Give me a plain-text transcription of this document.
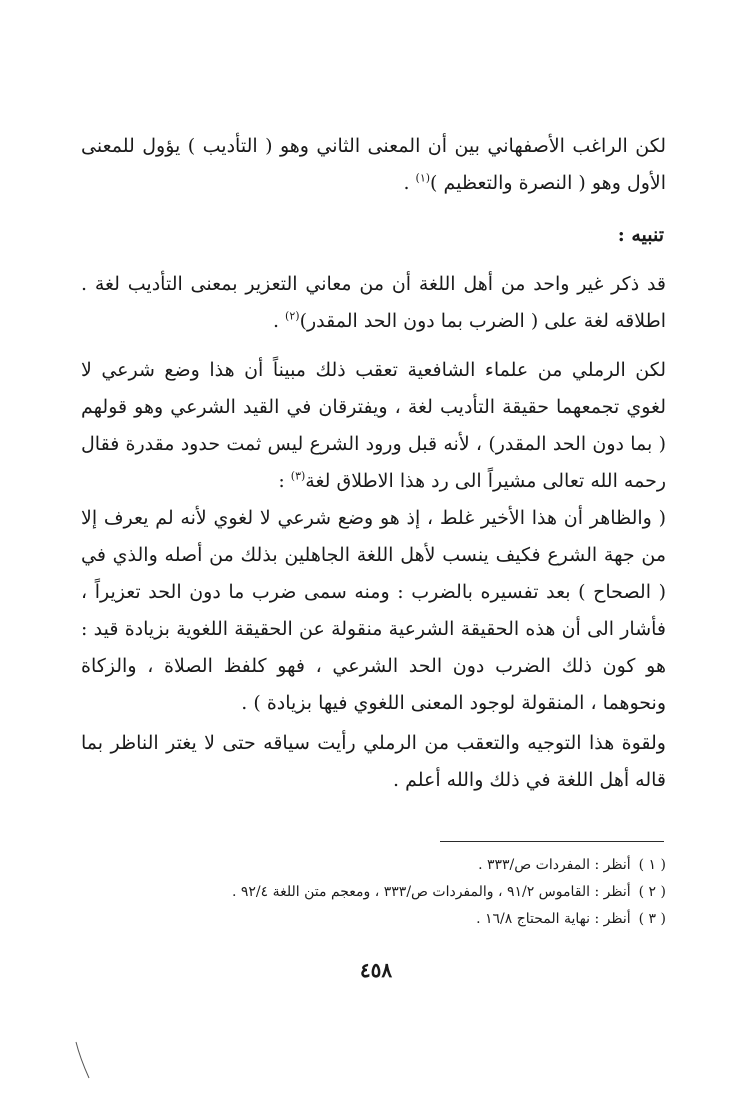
لكن الراغب الأصفهاني بين أن المعنى الثاني وهو ( التأديب ) يؤول للمعنى الأول وهو ( النصرة والتعظيم )$^{(١)}$ .

تنبيه :

قد ذكر غير واحد من أهل اللغة أن من معاني التعزير بمعنى التأديب لغة . اطلاقه لغة على ( الضرب بما دون الحد المقدر)$^{(٢)}$ .

لكن الرملي من علماء الشافعية تعقب ذلك مبيناً أن هذا وضع شرعي لا لغوي تجمعهما حقيقة التأديب لغة ، ويفترقان في القيد الشرعي وهو قولهم ( بما دون الحد المقدر) ، لأنه قبل ورود الشرع ليس ثمت حدود مقدرة فقال رحمه الله تعالى مشيراً الى رد هذا الاطلاق لغة$^{(٣)}$ :

( والظاهر أن هذا الأخير غلط ، إذ هو وضع شرعي لا لغوي لأنه لم يعرف إلا من جهة الشرع فكيف ينسب لأهل اللغة الجاهلين بذلك من أصله والذي في ( الصحاح ) بعد تفسيره بالضرب : ومنه سمى ضرب ما دون الحد تعزيراً ، فأشار الى أن هذه الحقيقة الشرعية منقولة عن الحقيقة اللغوية بزيادة قيد : هو كون ذلك الضرب دون الحد الشرعي ، فهو كلفظ الصلاة ، والزكاة ونحوهما ، المنقولة لوجود المعنى اللغوي فيها بزيادة ) .

ولقوة هذا التوجيه والتعقب من الرملي رأيت سياقه حتى لا يغتر الناظر بما قاله أهل اللغة في ذلك والله أعلم .

( ١ )أنظر : المفردات ص/٣٣٣ .
( ٢ )أنظر : القاموس ٩١/٢ ، والمفردات ص/٣٣٣ ، ومعجم متن اللغة ٩٢/٤ .
( ٣ )أنظر : نهاية المحتاج ١٦/٨ .
٤٥٨
